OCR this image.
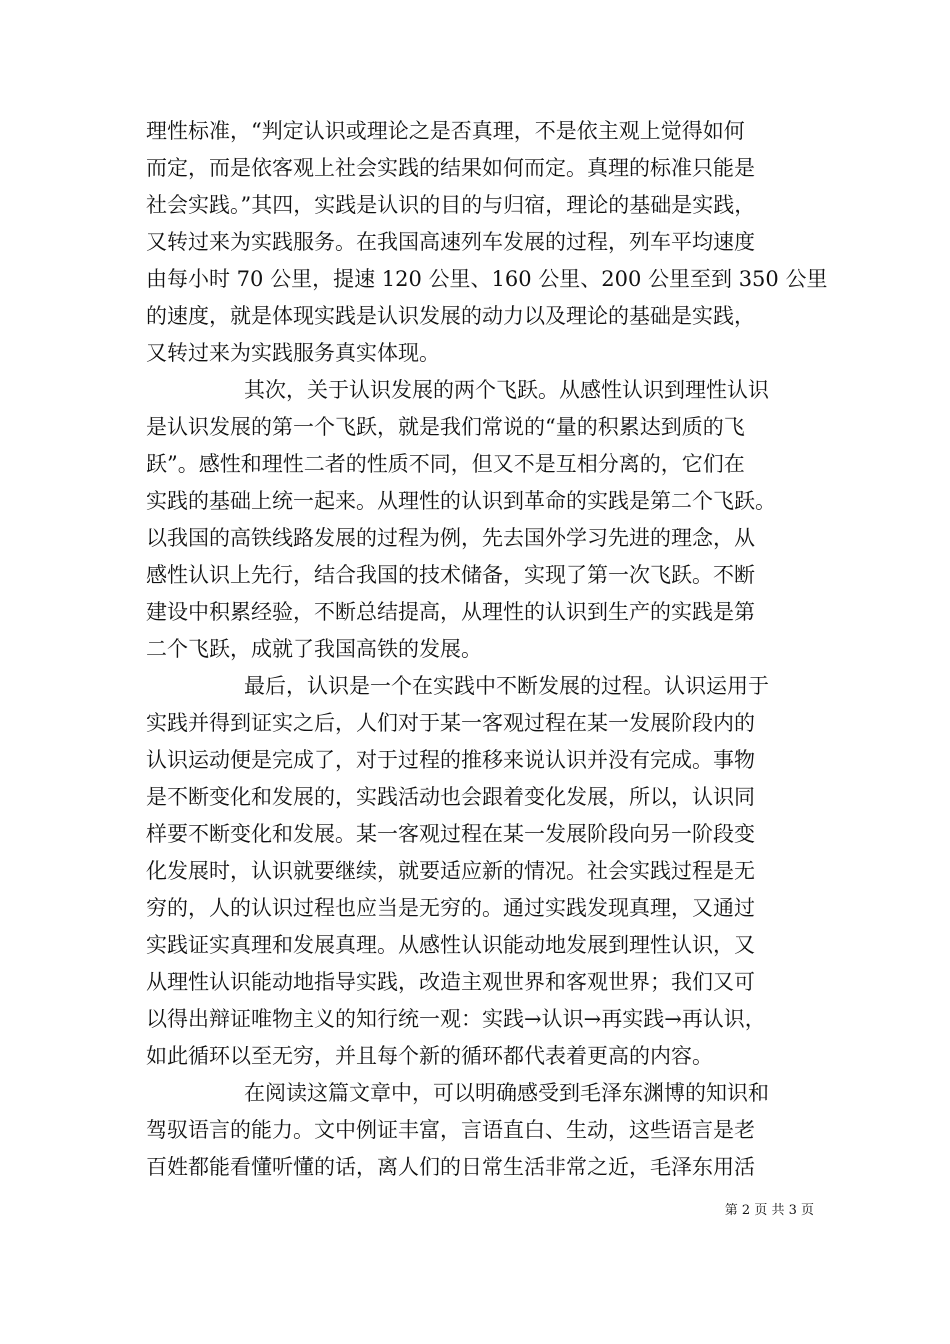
理性标准，“判定认识或理论之是否真理，不是依主观上觉得如何
而定，而是依客观上社会实践的结果如何而定。真理的标准只能是
社会实践。”其四，实践是认识的目的与归宿，理论的基础是实践，
又转过来为实践服务。在我国高速列车发展的过程，列车平均速度
由每小时 70 公里，提速 120 公里、160 公里、200 公里至到 350 公里
的速度，就是体现实践是认识发展的动力以及理论的基础是实践，
又转过来为实践服务真实体现。
其次，关于认识发展的两个飞跃。从感性认识到理性认识
是认识发展的第一个飞跃，就是我们常说的“量的积累达到质的飞
跃”。感性和理性二者的性质不同，但又不是互相分离的，它们在
实践的基础上统一起来。从理性的认识到革命的实践是第二个飞跃。
以我国的高铁线路发展的过程为例，先去国外学习先进的理念，从
感性认识上先行，结合我国的技术储备，实现了第一次飞跃。不断
建设中积累经验，不断总结提高，从理性的认识到生产的实践是第
二个飞跃，成就了我国高铁的发展。
最后，认识是一个在实践中不断发展的过程。认识运用于
实践并得到证实之后，人们对于某一客观过程在某一发展阶段内的
认识运动便是完成了，对于过程的推移来说认识并没有完成。事物
是不断变化和发展的，实践活动也会跟着变化发展，所以，认识同
样要不断变化和发展。某一客观过程在某一发展阶段向另一阶段变
化发展时，认识就要继续，就要适应新的情况。社会实践过程是无
穷的，人的认识过程也应当是无穷的。通过实践发现真理，又通过
实践证实真理和发展真理。从感性认识能动地发展到理性认识，又
从理性认识能动地指导实践，改造主观世界和客观世界；我们又可
以得出辩证唯物主义的知行统一观：实践→认识→再实践→再认识，
如此循环以至无穷，并且每个新的循环都代表着更高的内容。
在阅读这篇文章中，可以明确感受到毛泽东渊博的知识和
驾驭语言的能力。文中例证丰富，言语直白、生动，这些语言是老
百姓都能看懂听懂的话，离人们的日常生活非常之近，毛泽东用活
第 2 页 共 3 页
